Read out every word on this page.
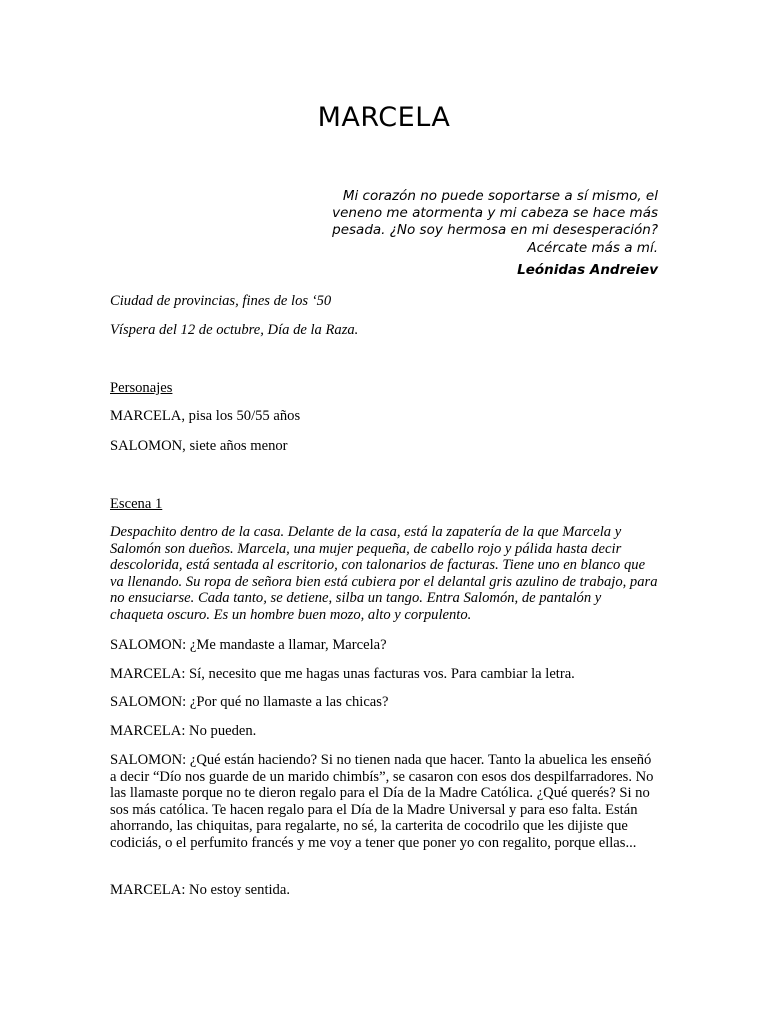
MARCELA

Mi corazón no puede soportarse a sí mismo, el veneno me atormenta y mi cabeza se hace más pesada. ¿No soy hermosa en mi desesperación? Acércate más a mí.

Leónidas Andreiev

Ciudad de provincias, fines de los ‘50

Víspera del 12 de octubre, Día de la Raza.

Personajes

MARCELA, pisa los 50/55 años

SALOMON, siete años menor

Escena 1

Despachito dentro de la casa. Delante de la casa, está la zapatería de la que Marcela y Salomón son dueños. Marcela, una mujer pequeña, de cabello rojo y pálida hasta decir descolorida, está sentada al escritorio, con talonarios de facturas. Tiene uno en blanco que va llenando. Su ropa de señora bien está cubiera por el delantal gris azulino de trabajo, para no ensuciarse. Cada tanto, se detiene, silba un tango. Entra Salomón, de pantalón y chaqueta oscuro. Es un hombre buen mozo, alto y corpulento.

SALOMON: ¿Me mandaste a llamar, Marcela?

MARCELA: Sí, necesito que me hagas unas facturas vos. Para cambiar la letra.

SALOMON: ¿Por qué no llamaste a las chicas?

MARCELA: No pueden.

SALOMON: ¿Qué están haciendo? Si no tienen nada que hacer. Tanto la abuelica les enseñó a decir “Dío nos guarde de un marido chimbís”, se casaron con esos dos despilfarradores. No las llamaste porque no te dieron regalo para el Día de la Madre Católica. ¿Qué querés? Si no sos más católica. Te hacen regalo para el Día de la Madre Universal y para eso falta. Están ahorrando, las chiquitas, para regalarte, no sé, la carterita de cocodrilo que les dijiste que codiciás, o el perfumito francés y me voy a tener que poner yo con regalito, porque ellas...

MARCELA: No estoy sentida.
